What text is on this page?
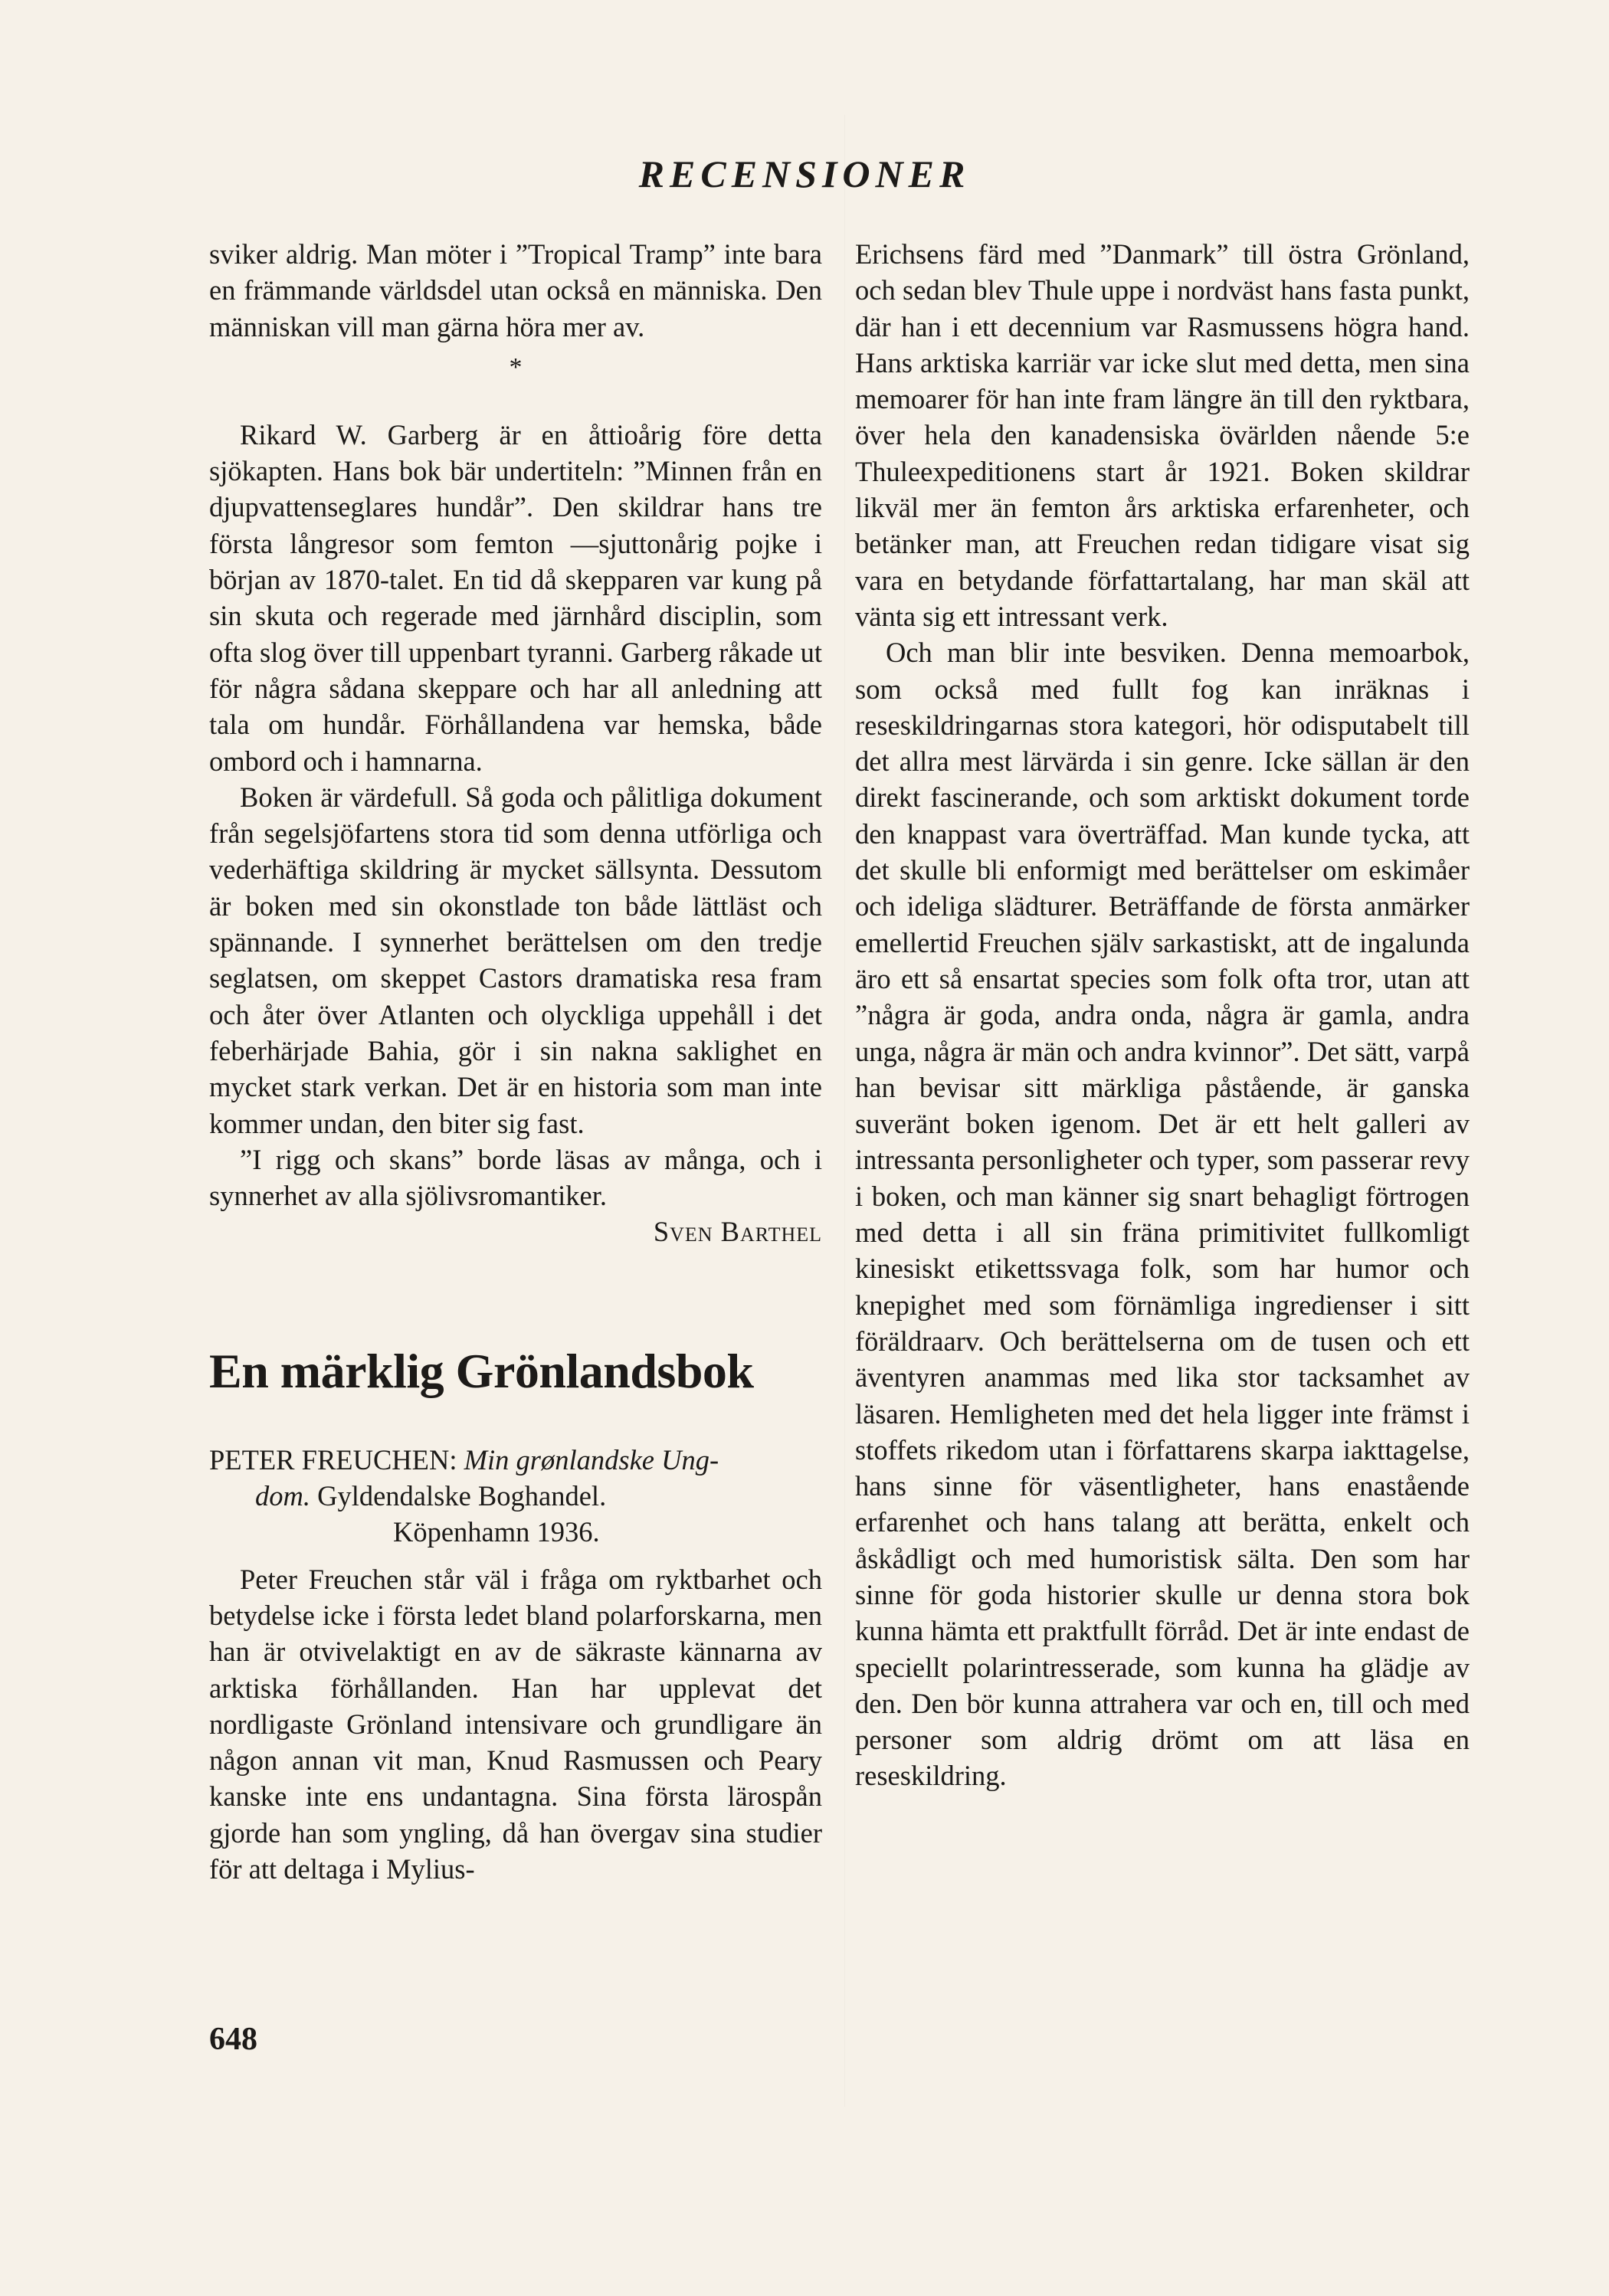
RECENSIONER

sviker aldrig. Man möter i ”Tropical Tramp” inte bara en främmande världsdel utan också en människa. Den människan vill man gärna höra mer av.

*

Rikard W. Garberg är en åttioårig före detta sjökapten. Hans bok bär undertiteln: ”Minnen från en djupvattenseglares hundår”. Den skildrar hans tre första långresor som femton —sjuttonårig pojke i början av 1870-talet. En tid då skepparen var kung på sin skuta och regerade med järnhård disciplin, som ofta slog över till uppenbart tyranni. Garberg råkade ut för några sådana skeppare och har all anledning att tala om hundår. Förhållandena var hemska, både ombord och i hamnarna.

Boken är värdefull. Så goda och pålitliga dokument från segelsjöfartens stora tid som denna utförliga och vederhäftiga skildring är mycket sällsynta. Dessutom är boken med sin okonstlade ton både lättläst och spännande. I synnerhet berättelsen om den tredje seglatsen, om skeppet Castors dramatiska resa fram och åter över Atlanten och olyckliga uppehåll i det feberhärjade Bahia, gör i sin nakna saklighet en mycket stark verkan. Det är en historia som man inte kommer undan, den biter sig fast.

”I rigg och skans” borde läsas av många, och i synnerhet av alla sjölivsromantiker.

Sven Barthel

En märklig Grönlandsbok

PETER FREUCHEN: Min grønlandske Ung-
dom. Gyldendalske Boghandel.
Köpenhamn 1936.

Peter Freuchen står väl i fråga om ryktbarhet och betydelse icke i första ledet bland polarforskarna, men han är otvivelaktigt en av de säkraste kännarna av arktiska förhållanden. Han har upplevat det nordligaste Grönland intensivare och grundligare än någon annan vit man, Knud Rasmussen och Peary kanske inte ens undantagna. Sina första lärospån gjorde han som yngling, då han övergav sina studier för att deltaga i Mylius-

Erichsens färd med ”Danmark” till östra Grönland, och sedan blev Thule uppe i nordväst hans fasta punkt, där han i ett decennium var Rasmussens högra hand. Hans arktiska karriär var icke slut med detta, men sina memoarer för han inte fram längre än till den ryktbara, över hela den kanadensiska övärlden nående 5:e Thuleexpeditionens start år 1921. Boken skildrar likväl mer än femton års arktiska erfarenheter, och betänker man, att Freuchen redan tidigare visat sig vara en betydande författartalang, har man skäl att vänta sig ett intressant verk.

Och man blir inte besviken. Denna memoarbok, som också med fullt fog kan inräknas i reseskildringarnas stora kategori, hör odisputabelt till det allra mest lärvärda i sin genre. Icke sällan är den direkt fascinerande, och som arktiskt dokument torde den knappast vara överträffad. Man kunde tycka, att det skulle bli enformigt med berättelser om eskimåer och ideliga slädturer. Beträffande de första anmärker emellertid Freuchen själv sarkastiskt, att de ingalunda äro ett så ensartat species som folk ofta tror, utan att ”några är goda, andra onda, några är gamla, andra unga, några är män och andra kvinnor”. Det sätt, varpå han bevisar sitt märkliga påstående, är ganska suveränt boken igenom. Det är ett helt galleri av intressanta personligheter och typer, som passerar revy i boken, och man känner sig snart behagligt förtrogen med detta i all sin fräna primitivitet fullkomligt kinesiskt etikettssvaga folk, som har humor och knepighet med som förnämliga ingredienser i sitt föräldraarv. Och berättelserna om de tusen och ett äventyren anammas med lika stor tacksamhet av läsaren. Hemligheten med det hela ligger inte främst i stoffets rikedom utan i författarens skarpa iakttagelse, hans sinne för väsentligheter, hans enastående erfarenhet och hans talang att berätta, enkelt och åskådligt och med humoristisk sälta. Den som har sinne för goda historier skulle ur denna stora bok kunna hämta ett praktfullt förråd. Det är inte endast de speciellt polarintresserade, som kunna ha glädje av den. Den bör kunna attrahera var och en, till och med personer som aldrig drömt om att läsa en reseskildring.

648
